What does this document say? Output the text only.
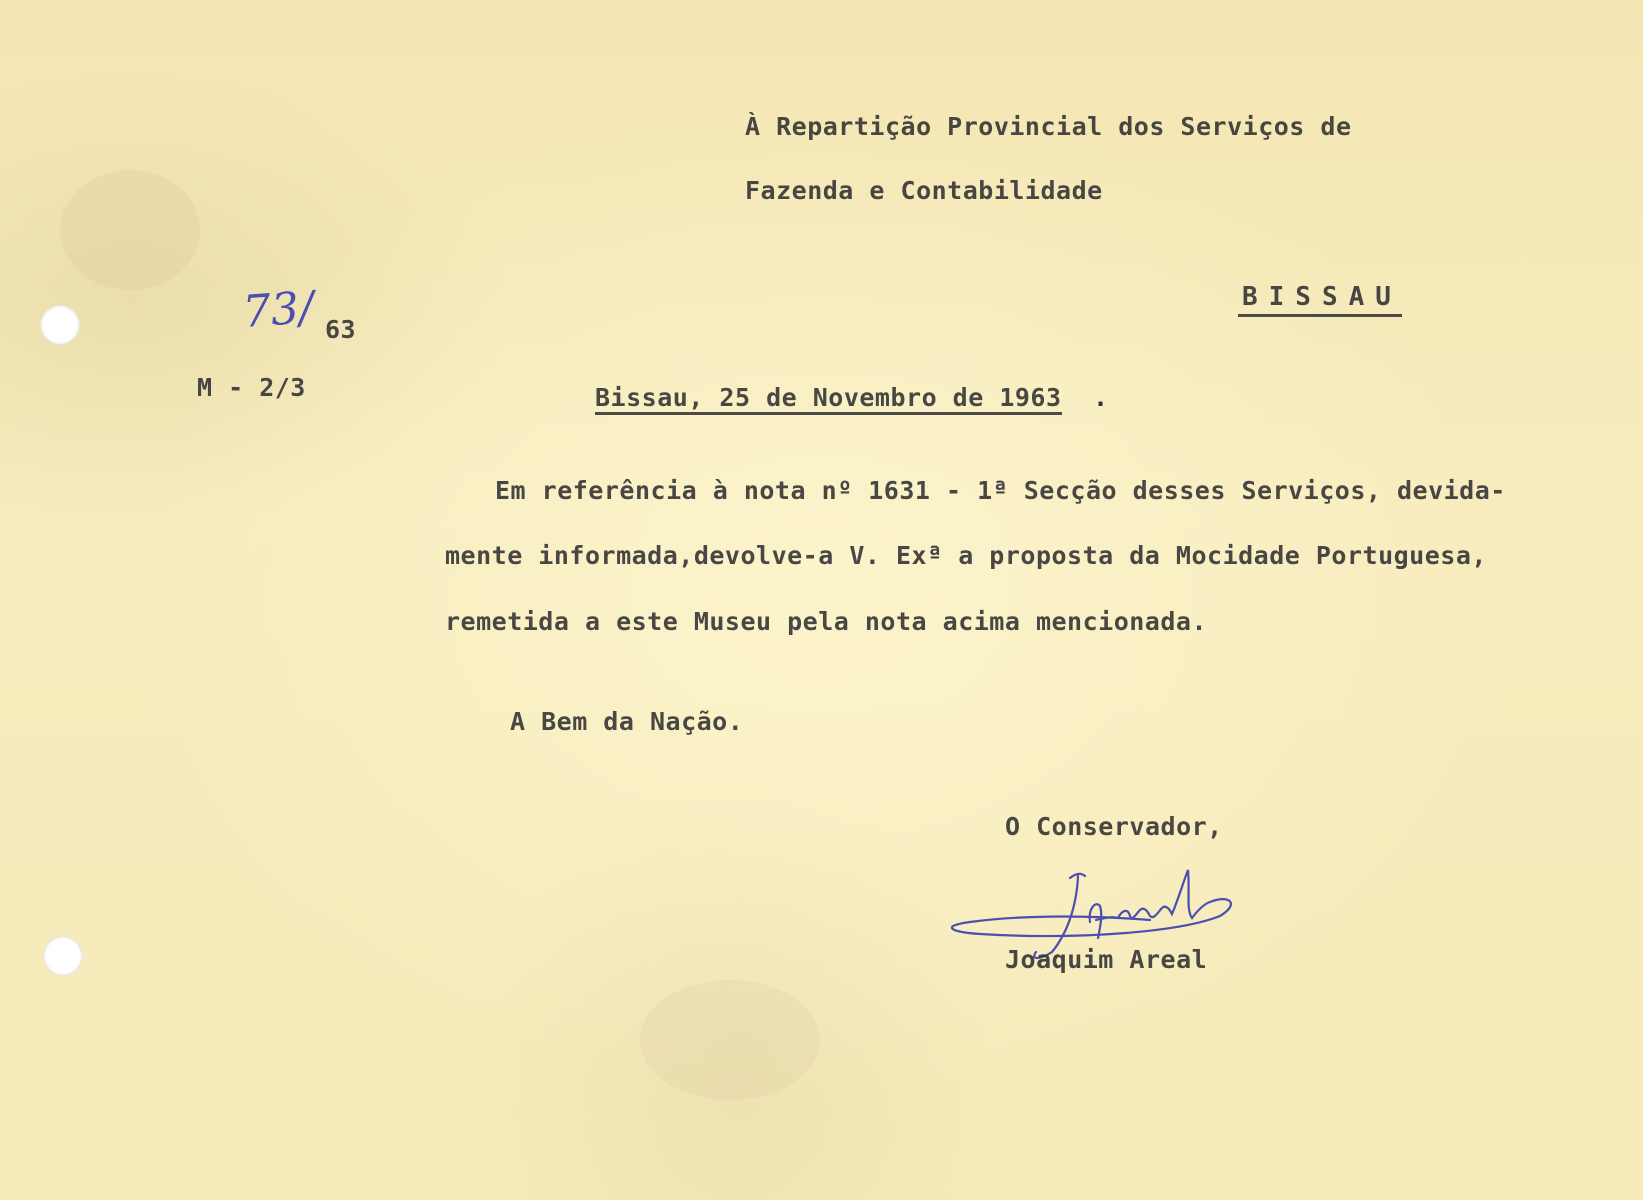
À Repartição Provincial dos Serviços de
Fazenda e Contabilidade
BISSAU
73/ 63
M - 2/3	Bissau, 25 de Novembro de 1963 .
Em referência à nota nº 1631 - 1ª Secção desses Serviços, devida-
mente informada,devolve-a V. Exª a proposta da Mocidade Portuguesa,
remetida a este Museu pela nota acima mencionada.
A Bem da Nação.
O Conservador,
Joaquim Areal
